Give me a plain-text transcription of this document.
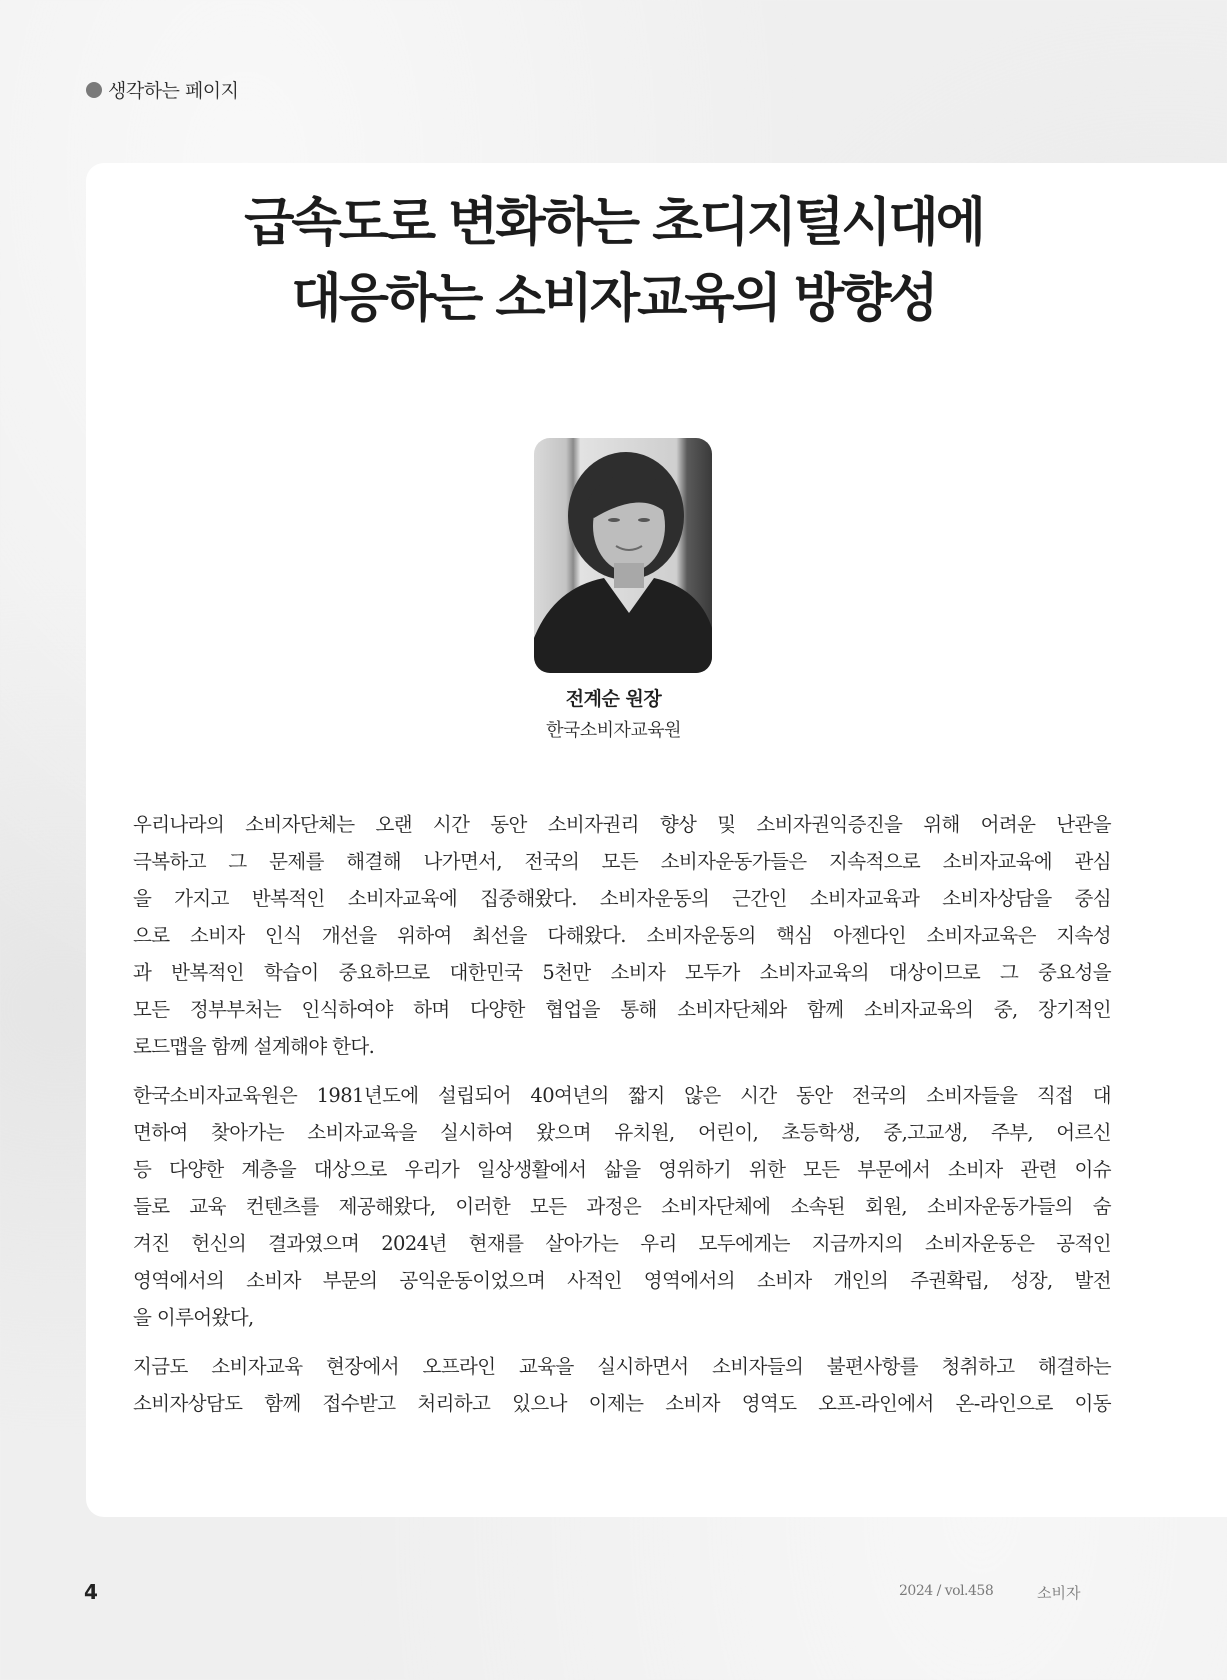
생각하는 페이지
급속도로 변화하는 초디지털시대에
대응하는 소비자교육의 방향성
전계순 원장
한국소비자교육원
우리나라의 소비자단체는 오랜 시간 동안 소비자권리 향상 및 소비자권익증진을 위해 어려운 난관을
극복하고 그 문제를 해결해 나가면서, 전국의 모든 소비자운동가들은 지속적으로 소비자교육에 관심
을 가지고 반복적인 소비자교육에 집중해왔다. 소비자운동의 근간인 소비자교육과 소비자상담을 중심
으로 소비자 인식 개선을 위하여 최선을 다해왔다. 소비자운동의 핵심 아젠다인 소비자교육은 지속성
과 반복적인 학습이 중요하므로 대한민국 5천만 소비자 모두가 소비자교육의 대상이므로 그 중요성을
모든 정부부처는 인식하여야 하며 다양한 협업을 통해 소비자단체와 함께 소비자교육의 중, 장기적인
로드맵을 함께 설계해야 한다.
한국소비자교육원은 1981년도에 설립되어 40여년의 짧지 않은 시간 동안 전국의 소비자들을 직접 대
면하여 찾아가는 소비자교육을 실시하여 왔으며 유치원, 어린이, 초등학생, 중,고교생, 주부, 어르신
등 다양한 계층을 대상으로 우리가 일상생활에서 삶을 영위하기 위한 모든 부문에서 소비자 관련 이슈
들로 교육 컨텐츠를 제공해왔다, 이러한 모든 과정은 소비자단체에 소속된 회원, 소비자운동가들의 숨
겨진 헌신의 결과였으며 2024년 현재를 살아가는 우리 모두에게는 지금까지의 소비자운동은 공적인
영역에서의 소비자 부문의 공익운동이었으며 사적인 영역에서의 소비자 개인의 주권확립, 성장, 발전
을 이루어왔다,
지금도 소비자교육 현장에서 오프라인 교육을 실시하면서 소비자들의 불편사항를 청취하고 해결하는
소비자상담도 함께 접수받고 처리하고 있으나 이제는 소비자 영역도 오프-라인에서 온-라인으로 이동
4	2024 / vol.458	소비자
